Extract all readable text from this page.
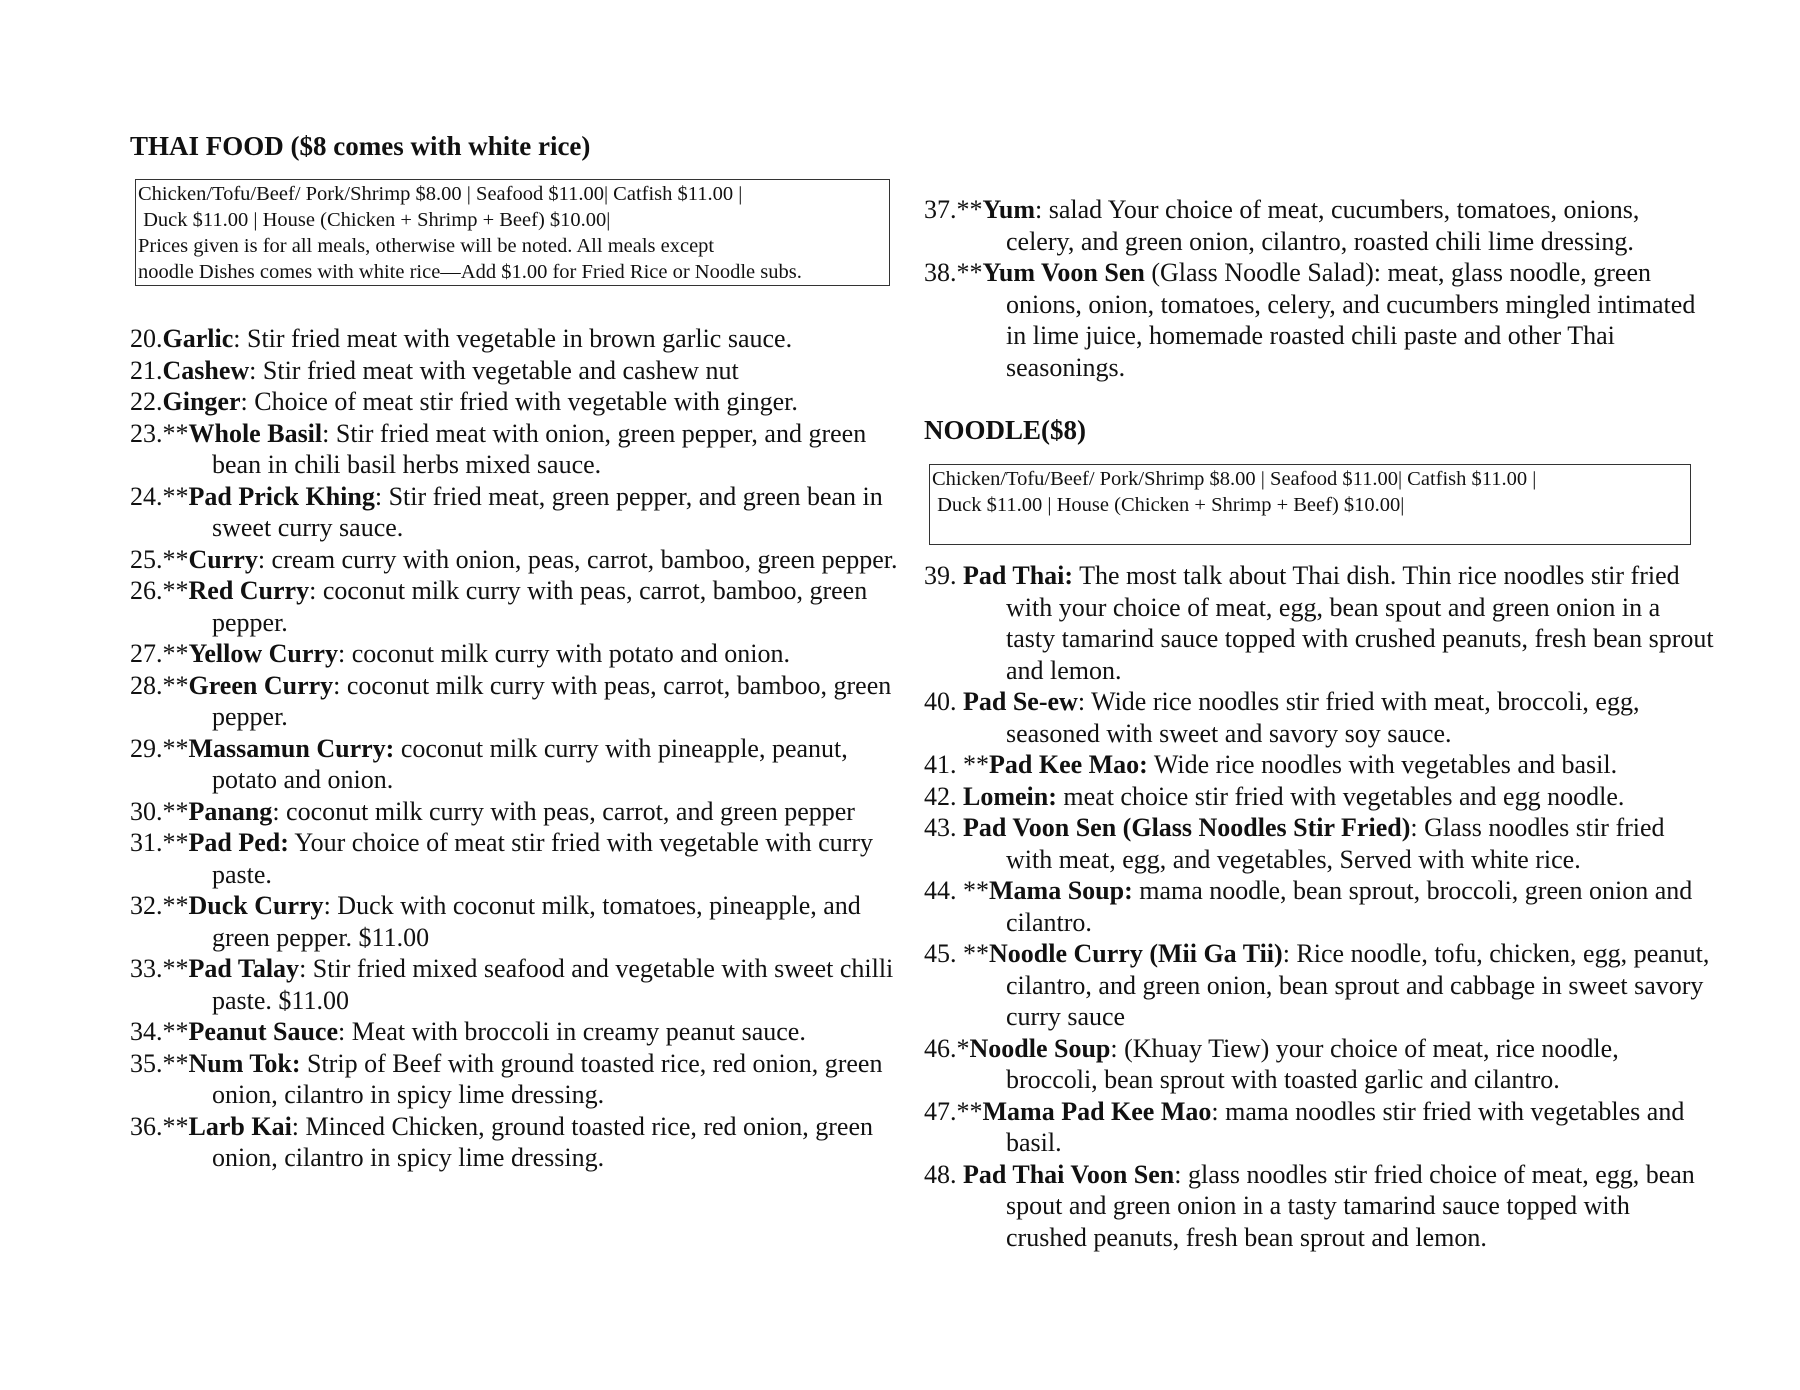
THAI FOOD ($8 comes with white rice)
Chicken/Tofu/Beef/ Pork/Shrimp $8.00 | Seafood $11.00| Catfish $11.00 |
Duck $11.00 | House (Chicken + Shrimp + Beef) $10.00|
Prices given is for all meals, otherwise will be noted. All meals except
noodle Dishes comes with white rice—Add $1.00 for Fried Rice or Noodle subs.
20.Garlic: Stir fried meat with vegetable in brown garlic sauce.
21.Cashew: Stir fried meat with vegetable and cashew nut
22.Ginger: Choice of meat stir fried with vegetable with ginger.
23.**Whole Basil: Stir fried meat with onion, green pepper, and green bean in chili basil herbs mixed sauce.
24.**Pad Prick Khing: Stir fried meat, green pepper, and green bean in sweet curry sauce.
25.**Curry: cream curry with onion, peas, carrot, bamboo, green pepper.
26.**Red Curry: coconut milk curry with peas, carrot, bamboo, green pepper.
27.**Yellow Curry: coconut milk curry with potato and onion.
28.**Green Curry: coconut milk curry with peas, carrot, bamboo, green pepper.
29.**Massamun Curry: coconut milk curry with pineapple, peanut, potato and onion.
30.**Panang: coconut milk curry with peas, carrot, and green pepper
31.**Pad Ped: Your choice of meat stir fried with vegetable with curry paste.
32.**Duck Curry: Duck with coconut milk, tomatoes, pineapple, and green pepper. $11.00
33.**Pad Talay: Stir fried mixed seafood and vegetable with sweet chilli paste. $11.00
34.**Peanut Sauce: Meat with broccoli in creamy peanut sauce.
35.**Num Tok: Strip of Beef with ground toasted rice, red onion, green onion, cilantro in spicy lime dressing.
36.**Larb Kai: Minced Chicken, ground toasted rice, red onion, green onion, cilantro in spicy lime dressing.
37.**Yum: salad Your choice of meat, cucumbers, tomatoes, onions, celery, and green onion, cilantro, roasted chili lime dressing.
38.**Yum Voon Sen (Glass Noodle Salad): meat, glass noodle, green onions, onion, tomatoes, celery, and cucumbers mingled intimated in lime juice, homemade roasted chili paste and other Thai seasonings.
NOODLE($8)
Chicken/Tofu/Beef/ Pork/Shrimp $8.00 | Seafood $11.00| Catfish $11.00 |
Duck $11.00 | House (Chicken + Shrimp + Beef) $10.00|
39. Pad Thai: The most talk about Thai dish. Thin rice noodles stir fried with your choice of meat, egg, bean spout and green onion in a tasty tamarind sauce topped with crushed peanuts, fresh bean sprout and lemon.
40. Pad Se-ew: Wide rice noodles stir fried with meat, broccoli, egg, seasoned with sweet and savory soy sauce.
41. **Pad Kee Mao: Wide rice noodles with vegetables and basil.
42. Lomein: meat choice stir fried with vegetables and egg noodle.
43. Pad Voon Sen (Glass Noodles Stir Fried): Glass noodles stir fried with meat, egg, and vegetables, Served with white rice.
44. **Mama Soup: mama noodle, bean sprout, broccoli, green onion and cilantro.
45. **Noodle Curry (Mii Ga Tii): Rice noodle, tofu, chicken, egg, peanut, cilantro, and green onion, bean sprout and cabbage in sweet savory curry sauce
46.*Noodle Soup: (Khuay Tiew) your choice of meat, rice noodle, broccoli, bean sprout with toasted garlic and cilantro.
47.**Mama Pad Kee Mao: mama noodles stir fried with vegetables and basil.
48. Pad Thai Voon Sen: glass noodles stir fried choice of meat, egg, bean spout and green onion in a tasty tamarind sauce topped with crushed peanuts, fresh bean sprout and lemon.
